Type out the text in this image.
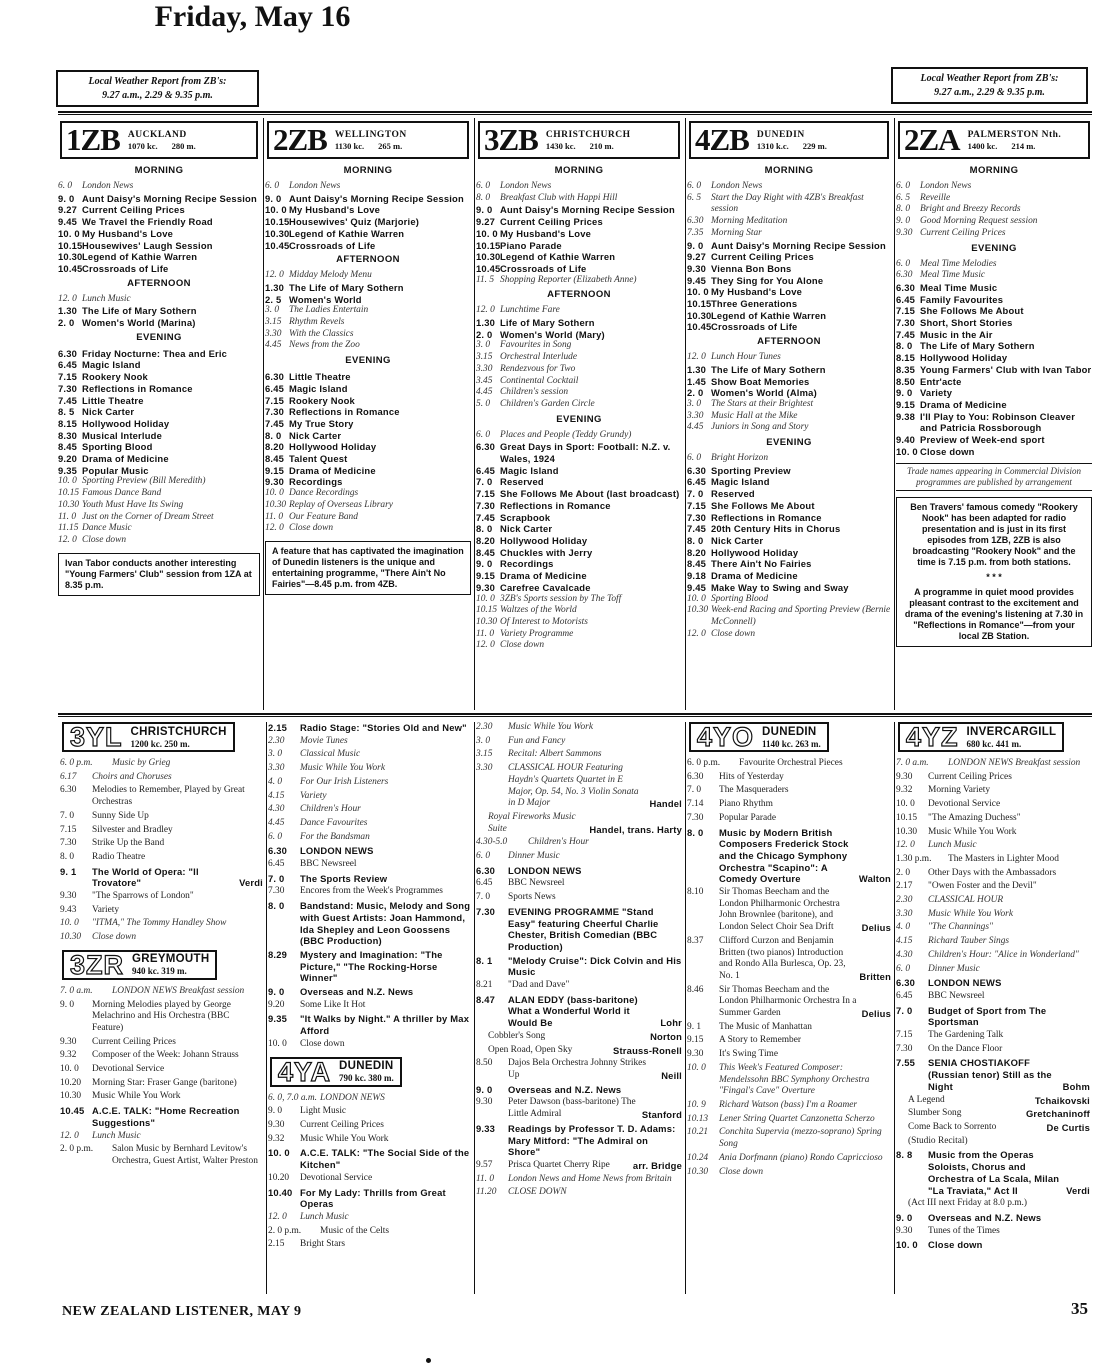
Local Weather Report from ZB's:
9.27 a.m., 2.29 & 9.35 p.m.
Friday, May 16
Local Weather Report from ZB's:
9.27 a.m., 2.29 & 9.35 p.m.
1ZB AUCKLAND
1070 kc. 280 m.
MORNING
6. 0	London News
9. 0 Aunt Daisy's Morning Recipe Session
9.27 Current Ceiling Prices
9.45 We Travel the Friendly Road
10. 0 My Husband's Love
10.15 Housewives' Laugh Session
10.30 Legend of Kathie Warren
10.45 Crossroads of Life
AFTERNOON
12. 0 Lunch Music
1.30 The Life of Mary Sothern
2. 0 Women's World (Marina)
EVENING
6.30 Friday Nocturne: Thea and Eric
6.45 Magic Island
7.15 Rookery Nook
7.30 Reflections in Romance
7.45 Little Theatre
8. 5 Nick Carter
8.15 Hollywood Holiday
8.30 Musical Interlude
8.45 Sporting Blood
9.20 Drama of Medicine
9.35 Popular Music
10. 0 Sporting Preview (Bill Meredith)
10.15 Famous Dance Band
10.30 Youth Must Have Its Swing
11. 0 Just on the Corner of Dream Street
11.15 Dance Music
12. 0 Close down
Ivan Tabor conducts another interesting "Young Farmers' Club" session from 1ZA at 8.35 p.m.
2ZB WELLINGTON
1130 kc. 265 m.
MORNING
6. 0	London News
9. 0 Aunt Daisy's Morning Recipe Session
10. 0 My Husband's Love
10.15 Housewives' Quiz (Marjorie)
10.30 Legend of Kathie Warren
10.45 Crossroads of Life
AFTERNOON
12. 0 Midday Melody Menu
1.30 The Life of Mary Sothern
2. 5 Women's World
3. 0	The Ladies Entertain
3.15 Rhythm Revels
3.30 With the Classics
4.45 News from the Zoo
EVENING
6.30 Little Theatre
6.45 Magic Island
7.15 Rookery Nook
7.30 Reflections in Romance
7.45 My True Story
8. 0 Nick Carter
8.20 Hollywood Holiday
8.45 Talent Quest
9.15 Drama of Medicine
9.30 Recordings
10. 0 Dance Recordings
10.30 Replay of Overseas Library
11. 0 Our Feature Band
12. 0 Close down
A feature that has captivated the imagination of Dunedin listeners is the unique and entertaining programme, "There Ain't No Fairies"—8.45 p.m. from 4ZB.
3ZB CHRISTCHURCH
1430 kc. 210 m.
MORNING
6. 0	London News
8. 0	Breakfast Club with Happi Hill
9. 0 Aunt Daisy's Morning Recipe Session
9.27 Current Ceiling Prices
10. 0 My Husband's Love
10.15 Piano Parade
10.30 Legend of Kathie Warren
10.45 Crossroads of Life
11. 5 Shopping Reporter (Elizabeth Anne)
AFTERNOON
12. 0 Lunchtime Fare
1.30 Life of Mary Sothern
2. 0 Women's World (Mary)
3. 0	Favourites in Song
3.15 Orchestral Interlude
3.30 Rendezvous for Two
3.45 Continental Cocktail
4.45 Children's session
5. 0	Children's Garden Circle
EVENING
6. 0	Places and People (Teddy Grundy)
6.30 Great Days in Sport: Football: N.Z. v. Wales, 1924
6.45 Magic Island
7. 0 Reserved
7.15 She Follows Me About (last broadcast)
7.30 Reflections in Romance
7.45 Scrapbook
8. 0 Nick Carter
8.20 Hollywood Holiday
8.45 Chuckles with Jerry
9. 0 Recordings
9.15 Drama of Medicine
9.30 Carefree Cavalcade
10. 0 3ZB's Sports session by The Toff
10.15 Waltzes of the World
10.30 Of Interest to Motorists
11. 0 Variety Programme
12. 0 Close down
4ZB DUNEDIN
1310 k.c. 229 m.
MORNING
6. 0	London News
6. 5	Start the Day Right with 4ZB's Breakfast session
6.30 Morning Meditation
7.35 Morning Star
9. 0 Aunt Daisy's Morning Recipe Session
9.27 Current Ceiling Prices
9.30 Vienna Bon Bons
9.45 They Sing for You Alone
10. 0 My Husband's Love
10.15 Three Generations
10.30 Legend of Kathie Warren
10.45 Crossroads of Life
AFTERNOON
12. 0 Lunch Hour Tunes
1.30 The Life of Mary Sothern
1.45 Show Boat Memories
2. 0 Women's World (Alma)
3. 0	The Stars at their Brightest
3.30 Music Hall at the Mike
4.45 Juniors in Song and Story
EVENING
6. 0	Bright Horizon
6.30 Sporting Preview
6.45 Magic Island
7. 0 Reserved
7.15 She Follows Me About
7.30 Reflections in Romance
7.45 20th Century Hits in Chorus
8. 0 Nick Carter
8.20 Hollywood Holiday
8.45 There Ain't No Fairies
9.18 Drama of Medicine
9.45 Make Way to Swing and Sway
10. 0 Sporting Blood
10.30 Week-end Racing and Sporting Preview (Bernie McConnell)
12. 0 Close down
2ZA PALMERSTON Nth.
1400 kc. 214 m.
MORNING
6. 0	London News
6. 5	Reveille
8. 0	Bright and Breezy Records
9. 0	Good Morning Request session
9.30 Current Ceiling Prices
EVENING
6. 0	Meal Time Melodies
6.30 Meal Time Music
6.30 Meal Time Music
6.45 Family Favourites
7.15 She Follows Me About
7.30 Short, Short Stories
7.45 Music in the Air
8. 0 The Life of Mary Sothern
8.15 Hollywood Holiday
8.35 Young Farmers' Club with Ivan Tabor
8.50 Entr'acte
9. 0 Variety
9.15 Drama of Medicine
9.38 I'll Play to You: Robinson Cleaver and Patricia Rossborough
9.40 Preview of Week-end sport
10. 0 Close down
Trade names appearing in Commercial Division programmes are published by arrangement
Ben Travers' famous comedy "Rookery Nook" has been adapted for radio presentation and is just in its first episodes from 1ZB, 2ZB is also broadcasting "Rookery Nook" and the time is 7.15 p.m. from both stations.
* * *
A programme in quiet mood provides pleasant contrast to the excitement and drama of the evening's listening at 7.30 in "Reflections in Romance"—from your local ZB Station.
3YL CHRISTCHURCH
1200 kc. 250 m.
6. 0 p.m.	Music by Grieg
6.17	Choirs and Choruses
6.30	Melodies to Remember, Played by Great Orchestras
7. 0	Sunny Side Up
7.15	Silvester and Bradley
7.30	Strike Up the Band
8. 0	Radio Theatre
9. 1	The World of Opera: "Il Trovatore"	Verdi
9.30	"The Sparrows of London"
9.43	Variety
10. 0	"ITMA," The Tommy Handley Show
10.30	Close down
3ZR GREYMOUTH
940 kc. 319 m.
7. 0 a.m.	LONDON NEWS Breakfast session
9. 0	Morning Melodies played by George Melachrino and His Orchestra (BBC Feature)
9.30	Current Ceiling Prices
9.32	Composer of the Week: Johann Strauss
10. 0	Devotional Service
10.20	Morning Star: Fraser Gange (baritone)
10.30	Music While You Work
10.45 A.C.E. TALK: "Home Recreation Suggestions"
12. 0	Lunch Music
2. 0 p.m.	Salon Music by Bernhard Levitow's Orchestra, Guest Artist, Walter Preston
2.15	Radio Stage: "Stories Old and New"
2.30	Movie Tunes
3. 0	Classical Music
3.30	Music While You Work
4. 0	For Our Irish Listeners
4.15	Variety
4.30	Children's Hour
4.45	Dance Favourites
6. 0	For the Bandsman
6.30	LONDON NEWS
6.45	BBC Newsreel
7. 0	The Sports Review
7.30	Encores from the Week's Programmes
8. 0	Bandstand: Music, Melody and Song with Guest Artists: Joan Hammond, Ida Shepley and Leon Goossens (BBC Production)
8.29	Mystery and Imagination: "The Picture," "The Rocking-Horse Winner"
9. 0	Overseas and N.Z. News
9.20	Some Like It Hot
9.35	"It Walks by Night." A thriller by Max Afford
10. 0	Close down
4YA DUNEDIN
790 kc. 380 m.
6. 0, 7.0 a.m. LONDON NEWS
9. 0	Light Music
9.30	Current Ceiling Prices
9.32	Music While You Work
10. 0	A.C.E. TALK: "The Social Side of the Kitchen"
10.20	Devotional Service
10.40 For My Lady: Thrills from Great Operas
12. 0	Lunch Music
2. 0 p.m.	Music of the Celts
2.15	Bright Stars
2.30	Music While You Work
3. 0	Fun and Fancy
3.15	Recital: Albert Sammons
3.30	CLASSICAL HOUR Featuring Haydn's Quartets Quartet in E Major, Op. 54, No. 3 Violin Sonata in D Major	Handel
Royal Fireworks Music Suite	Handel, trans. Harty
4.30-5.0	Children's Hour
6. 0	Dinner Music
6.30	LONDON NEWS
6.45	BBC Newsreel
7. 0	Sports News
7.30	EVENING PROGRAMME "Stand Easy" featuring Cheerful Charlie Chester, British Comedian (BBC Production)
8. 1	"Melody Cruise": Dick Colvin and His Music
8.21	"Dad and Dave"
8.47	ALAN EDDY (bass-baritone) What a Wonderful World it Would Be	Lohr
Cobbler's Song	Norton
Open Road, Open Sky	Strauss-Ronell
8.50	Dajos Bela Orchestra Johnny Strikes Up	Neill
9. 0	Overseas and N.Z. News
9.30	Peter Dawson (bass-baritone) The Little Admiral	Stanford
9.33	Readings by Professor T. D. Adams: Mary Mitford: "The Admiral on Shore"
9.57	Prisca Quartet Cherry Ripe	arr. Bridge
11. 0	London News and Home News from Britain
11.20	CLOSE DOWN
4YO DUNEDIN
1140 kc. 263 m.
6. 0 p.m.	Favourite Orchestral Pieces
6.30	Hits of Yesterday
7. 0	The Masqueraders
7.14	Piano Rhythm
7.30	Popular Parade
8. 0	Music by Modern British Composers Frederick Stock and the Chicago Symphony Orchestra "Scapino": A Comedy Overture	Walton
8.10	Sir Thomas Beecham and the London Philharmonic Orchestra John Brownlee (baritone), and London Select Choir Sea Drift	Delius
8.37	Clifford Curzon and Benjamin Britten (two pianos) Introduction and Rondo Alla Burlesca, Op. 23, No. 1	Britten
8.46	Sir Thomas Beecham and the London Philharmonic Orchestra In a Summer Garden	Delius
9. 1	The Music of Manhattan
9.15	A Story to Remember
9.30	It's Swing Time
10. 0	This Week's Featured Composer: Mendelssohn BBC Symphony Orchestra "Fingal's Cave" Overture
10. 9	Richard Watson (bass) I'm a Roamer
10.13	Lener String Quartet Canzonetta Scherzo
10.21	Conchita Supervia (mezzo-soprano) Spring Song
10.24	Ania Dorfmann (piano) Rondo Capriccioso
10.30	Close down
4YZ INVERCARGILL
680 kc. 441 m.
7. 0 a.m.	LONDON NEWS Breakfast session
9.30	Current Ceiling Prices
9.32	Morning Variety
10. 0	Devotional Service
10.15	"The Amazing Duchess"
10.30	Music While You Work
12. 0	Lunch Music
1.30 p.m.	The Masters in Lighter Mood
2. 0	Other Days with the Ambassadors
2.17	"Owen Foster and the Devil"
2.30	CLASSICAL HOUR
3.30	Music While You Work
4. 0	"The Channings"
4.15	Richard Tauber Sings
4.30	Children's Hour: "Alice in Wonderland"
6. 0	Dinner Music
6.30	LONDON NEWS
6.45	BBC Newsreel
7. 0	Budget of Sport from The Sportsman
7.15	The Gardening Talk
7.30	On the Dance Floor
7.55	SENIA CHOSTIAKOFF (Russian tenor) Still as the Night	Bohm
A Legend	Tchaikovski
Slumber Song	Gretchaninoff
Come Back to Sorrento	De Curtis
(Studio Recital)
8. 8	Music from the Operas Soloists, Chorus and Orchestra of La Scala, Milan "La Traviata," Act II	Verdi
(Act III next Friday at 8.0 p.m.)
9. 0	Overseas and N.Z. News
9.30	Tunes of the Times
10. 0	Close down
NEW ZEALAND LISTENER, MAY 9	35
